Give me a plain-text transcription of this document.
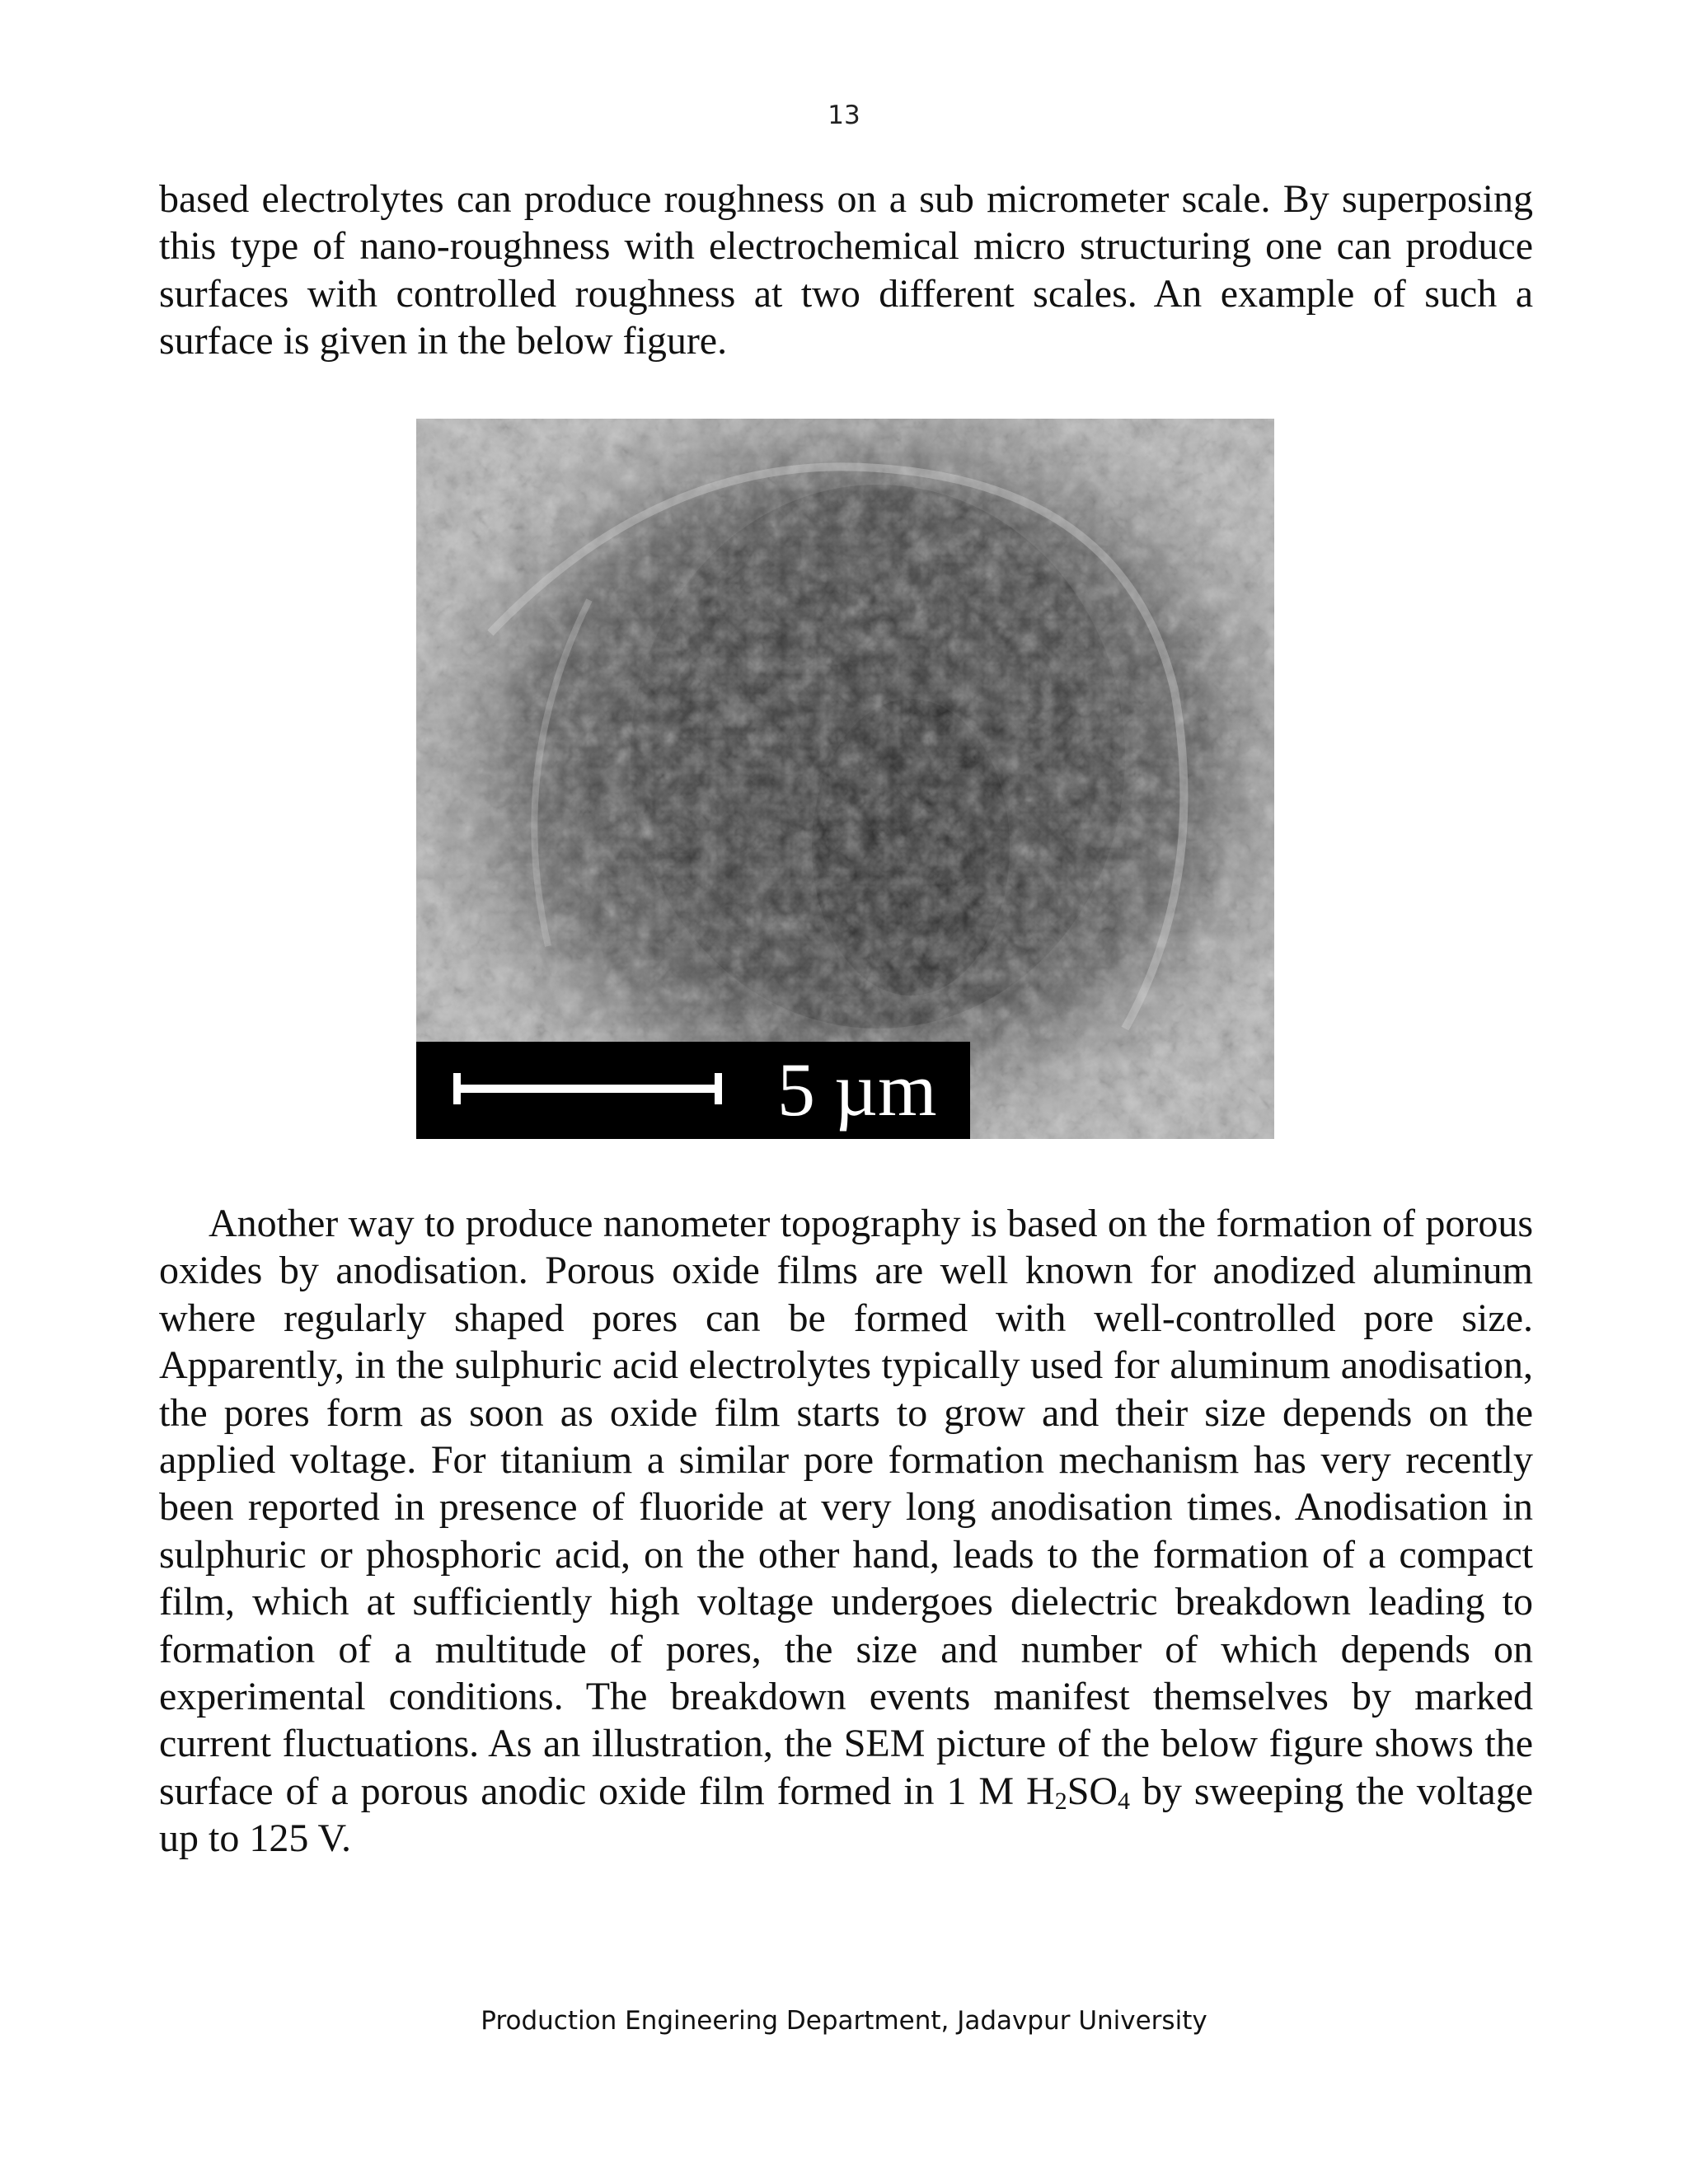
13

based electrolytes can produce roughness on a sub micrometer scale. By superposing this type of nano-roughness with electrochemical micro structuring one can produce surfaces with controlled roughness at two different scales. An example of such a surface is given in the below figure.

5 µm

Another way to produce nanometer topography is based on the formation of porous oxides by anodisation. Porous oxide films are well known for anodized aluminum where regularly shaped pores can be formed with well-controlled pore size. Apparently, in the sulphuric acid electrolytes typically used for aluminum anodisation, the pores form as soon as oxide film starts to grow and their size depends on the applied voltage. For titanium a similar pore formation mechanism has very recently been reported in presence of fluoride at very long anodisation times. Anodisation in sulphuric or phosphoric acid, on the other hand, leads to the formation of a compact film, which at sufficiently high voltage undergoes dielectric breakdown leading to formation of a multitude of pores, the size and number of which depends on experimental conditions. The breakdown events manifest themselves by marked current fluctuations. As an illustration, the SEM picture of the below figure shows the surface of a porous anodic oxide film formed in 1 M $H_2SO_4$ by sweeping the voltage up to 125 V.

Production Engineering Department, Jadavpur University
